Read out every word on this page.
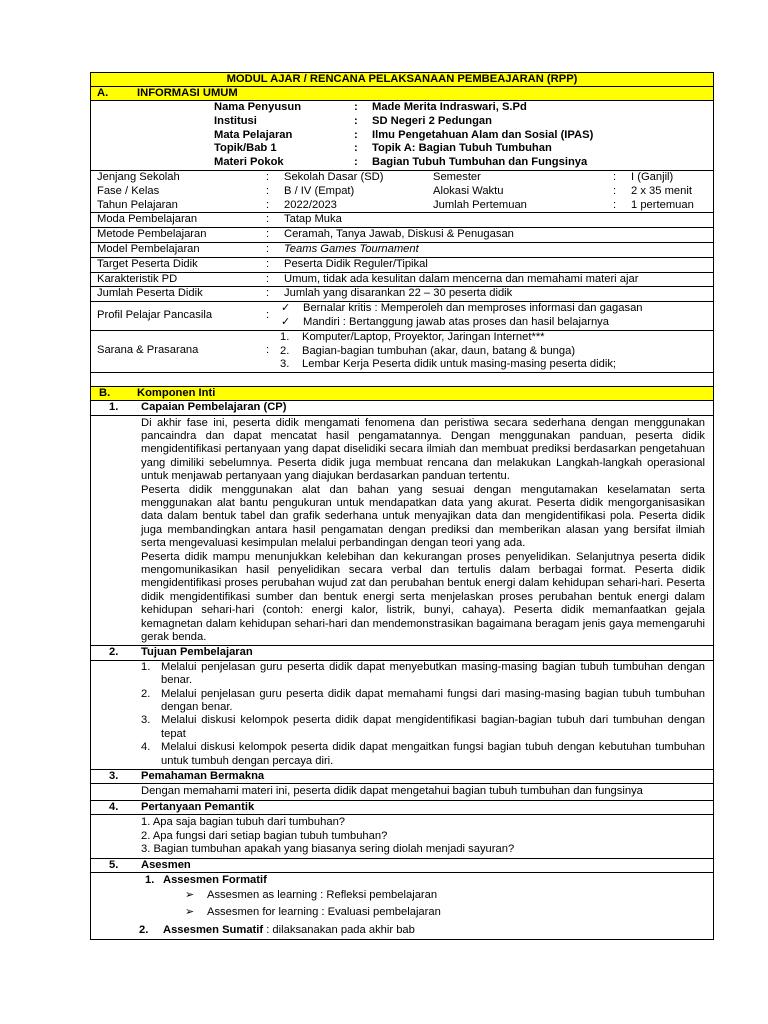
MODUL AJAR / RENCANA PELAKSANAAN PEMBEAJARAN (RPP)
A.	INFORMASI UMUM
Nama Penyusun	: Made Merita Indraswari, S.Pd
Institusi	: SD Negeri 2 Pedungan
Mata Pelajaran	: Ilmu Pengetahuan Alam dan Sosial (IPAS)
Topik/Bab 1	: Topik A: Bagian Tubuh Tumbuhan
Materi Pokok	: Bagian Tubuh Tumbuhan dan Fungsinya
Jenjang Sekolah	: Sekolah Dasar (SD)	Semester	: I (Ganjil)
Fase / Kelas	: B / IV (Empat)	Alokasi Waktu	: 2 x 35 menit
Tahun Pelajaran	: 2022/2023	Jumlah Pertemuan	: 1 pertemuan
Moda Pembelajaran	: Tatap Muka
Metode Pembelajaran	: Ceramah, Tanya Jawab, Diskusi & Penugasan
Model Pembelajaran	: Teams Games Tournament
Target Peserta Didik	: Peserta Didik Reguler/Tipikal
Karakteristik PD	: Umum, tidak ada kesulitan dalam mencerna dan memahami materi ajar
Jumlah Peserta Didik	: Jumlah yang disarankan 22 – 30 peserta didik
Profil Pelajar Pancasila	:
✓ Bernalar kritis : Memperoleh dan memproses informasi dan gagasan
✓ Mandiri : Bertanggung jawab atas proses dan hasil belajarnya
Sarana & Prasarana	:
1. Komputer/Laptop, Proyektor, Jaringan Internet***
2. Bagian-bagian tumbuhan (akar, daun, batang & bunga)
3. Lembar Kerja Peserta didik untuk masing-masing peserta didik;
B. Komponen Inti
1. Capaian Pembelajaran (CP)

Di akhir fase ini, peserta didik mengamati fenomena dan peristiwa secara sederhana dengan menggunakan pancaindra dan dapat mencatat hasil pengamatannya. Dengan menggunakan panduan, peserta didik mengidentifikasi pertanyaan yang dapat diselidiki secara ilmiah dan membuat prediksi berdasarkan pengetahuan yang dimiliki sebelumnya. Peserta didik juga membuat rencana dan melakukan Langkah-langkah operasional untuk menjawab pertanyaan yang diajukan berdasarkan panduan tertentu.

Peserta didik menggunakan alat dan bahan yang sesuai dengan mengutamakan keselamatan serta menggunakan alat bantu pengukuran untuk mendapatkan data yang akurat. Peserta didik mengorganisasikan data dalam bentuk tabel dan grafik sederhana untuk menyajikan data dan mengidentifikasi pola. Peserta didik juga membandingkan antara hasil pengamatan dengan prediksi dan memberikan alasan yang bersifat ilmiah serta mengevaluasi kesimpulan melalui perbandingan dengan teori yang ada.

Peserta didik mampu menunjukkan kelebihan dan kekurangan proses penyelidikan. Selanjutnya peserta didik mengomunikasikan hasil penyelidikan secara verbal dan tertulis dalam berbagai format. Peserta didik mengidentifikasi proses perubahan wujud zat dan perubahan bentuk energi dalam kehidupan sehari-hari. Peserta didik mengidentifikasi sumber dan bentuk energi serta menjelaskan proses perubahan bentuk energi dalam kehidupan sehari-hari (contoh: energi kalor, listrik, bunyi, cahaya). Peserta didik memanfaatkan gejala kemagnetan dalam kehidupan sehari-hari dan mendemonstrasikan bagaimana beragam jenis gaya memengaruhi gerak benda.

2. Tujuan Pembelajaran
1. Melalui penjelasan guru peserta didik dapat menyebutkan masing-masing bagian tubuh tumbuhan dengan benar.
2. Melalui penjelasan guru peserta didik dapat memahami fungsi dari masing-masing bagian tubuh tumbuhan dengan benar.
3. Melalui diskusi kelompok peserta didik dapat mengidentifikasi bagian-bagian tubuh dari tumbuhan dengan tepat
4. Melalui diskusi kelompok peserta didik dapat mengaitkan fungsi bagian tubuh dengan kebutuhan tumbuhan untuk tumbuh dengan percaya diri.
3. Pemahaman Bermakna

Dengan memahami materi ini, peserta didik dapat mengetahui bagian tubuh tumbuhan dan fungsinya

4. Pertanyaan Pemantik

1. Apa saja bagian tubuh dari tumbuhan?

2. Apa fungsi dari setiap bagian tubuh tumbuhan?

3. Bagian tumbuhan apakah yang biasanya sering diolah menjadi sayuran?

5. Asesmen
1. Assesmen Formatif
➢ Assesmen as learning : Refleksi pembelajaran
➢ Assesmen for learning : Evaluasi pembelajaran
2. Assesmen Sumatif : dilaksanakan pada akhir bab
